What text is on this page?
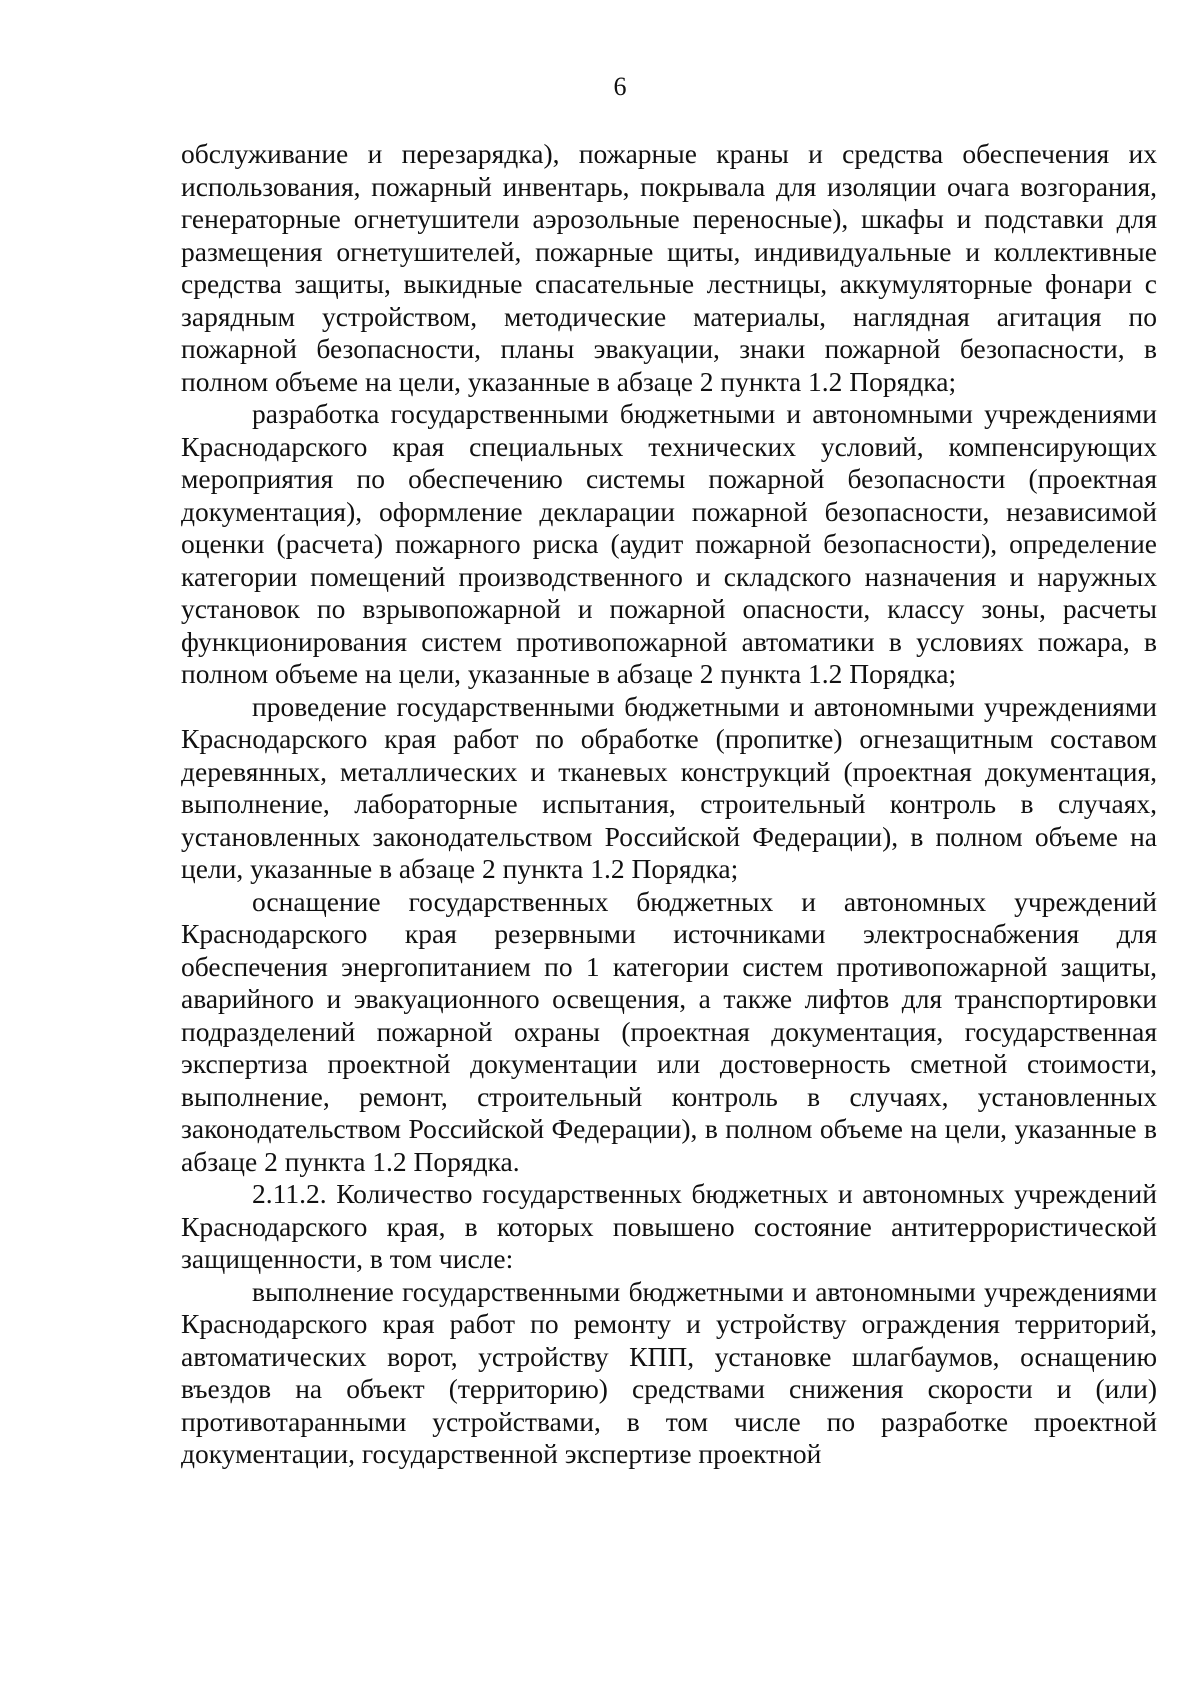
6

обслуживание и перезарядка), пожарные краны и средства обеспечения их использования, пожарный инвентарь, покрывала для изоляции очага возгорания, генераторные огнетушители аэрозольные переносные), шкафы и подставки для размещения огнетушителей, пожарные щиты, индивидуальные и коллективные средства защиты, выкидные спасательные лестницы, аккумуляторные фонари с зарядным устройством, методические материалы, наглядная агитация по пожарной безопасности, планы эвакуации, знаки пожарной безопасности, в полном объеме на цели, указанные в абзаце 2 пункта 1.2 Порядка;

разработка государственными бюджетными и автономными учреждениями Краснодарского края специальных технических условий, компенсирующих мероприятия по обеспечению системы пожарной безопасности (проектная документация), оформление декларации пожарной безопасности, независимой оценки (расчета) пожарного риска (аудит пожарной безопасности), определение категории помещений производственного и складского назначения и наружных установок по взрывопожарной и пожарной опасности, классу зоны, расчеты функционирования систем противопожарной автоматики в условиях пожара, в полном объеме на цели, указанные в абзаце 2 пункта 1.2 Порядка;

проведение государственными бюджетными и автономными учреждениями Краснодарского края работ по обработке (пропитке) огнезащитным составом деревянных, металлических и тканевых конструкций (проектная документация, выполнение, лабораторные испытания, строительный контроль в случаях, установленных законодательством Российской Федерации), в полном объеме на цели, указанные в абзаце 2 пункта 1.2 Порядка;

оснащение государственных бюджетных и автономных учреждений Краснодарского края резервными источниками электроснабжения для обеспечения энергопитанием по 1 категории систем противопожарной защиты, аварийного и эвакуационного освещения, а также лифтов для транспортировки подразделений пожарной охраны (проектная документация, государственная экспертиза проектной документации или достоверность сметной стоимости, выполнение, ремонт, строительный контроль в случаях, установленных законодательством Российской Федерации), в полном объеме на цели, указанные в абзаце 2 пункта 1.2 Порядка.

2.11.2. Количество государственных бюджетных и автономных учреждений Краснодарского края, в которых повышено состояние антитеррористической защищенности, в том числе:

выполнение государственными бюджетными и автономными учреждениями Краснодарского края работ по ремонту и устройству ограждения территорий, автоматических ворот, устройству КПП, установке шлагбаумов, оснащению въездов на объект (территорию) средствами снижения скорости и (или) противотаранными устройствами, в том числе по разработке проектной документации, государственной экспертизе проектной
